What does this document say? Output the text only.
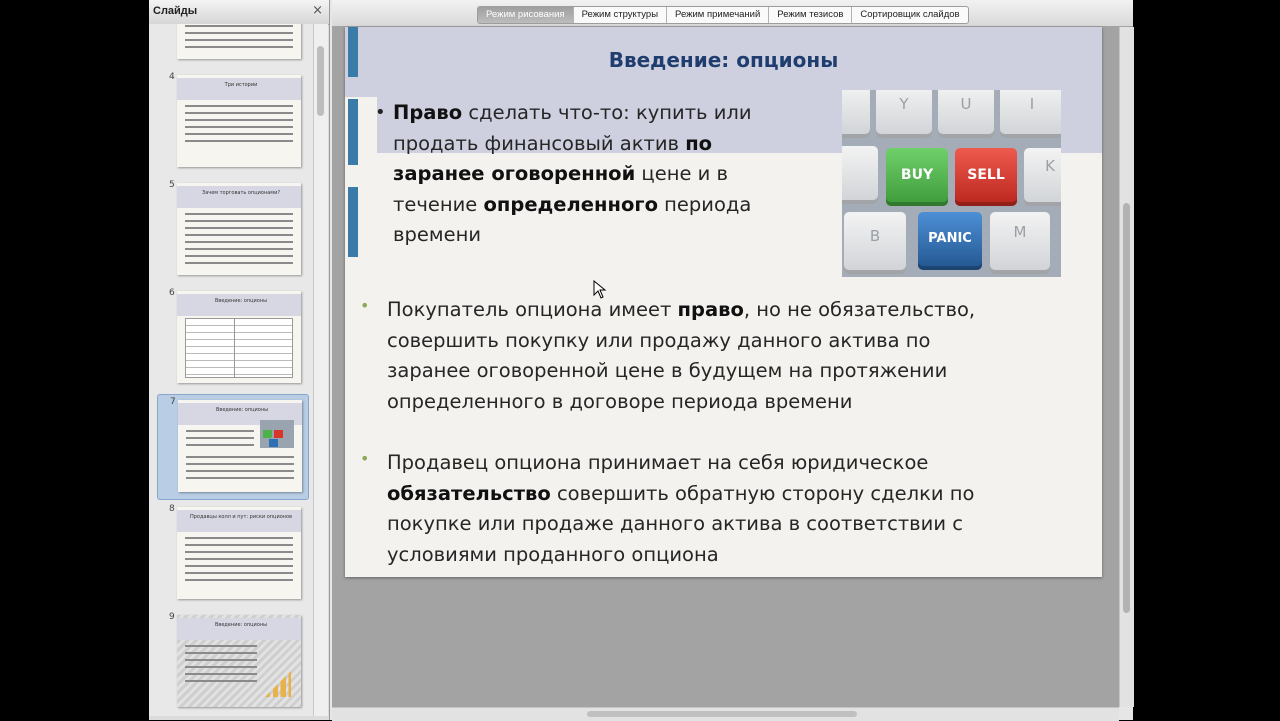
Слайды	×
4
Три истории
5
Зачем торговать опционами?
6
Введение: опционы
7
Введение: опционы
8
Продавцы колл и пут: риски опционов
9
Введение: опционы
Режим рисования	Режим структуры	Режим примечаний	Режим тезисов	Сортировщик слайдов
Введение: опционы
• Право сделать что-то: купить или
продать финансовый актив по
заранее оговоренной цене и в
течение определенного периода
времени
Y	U	I
BUY	SELL	K
B	PANIC	M
• Покупатель опциона имеет право, но не обязательство,
совершить покупку или продажу данного актива по
заранее оговоренной цене в будущем на протяжении
определенного в договоре периода времени
• Продавец опциона принимает на себя юридическое
обязательство совершить обратную сторону сделки по
покупке или продаже данного актива в соответствии с
условиями проданного опциона
